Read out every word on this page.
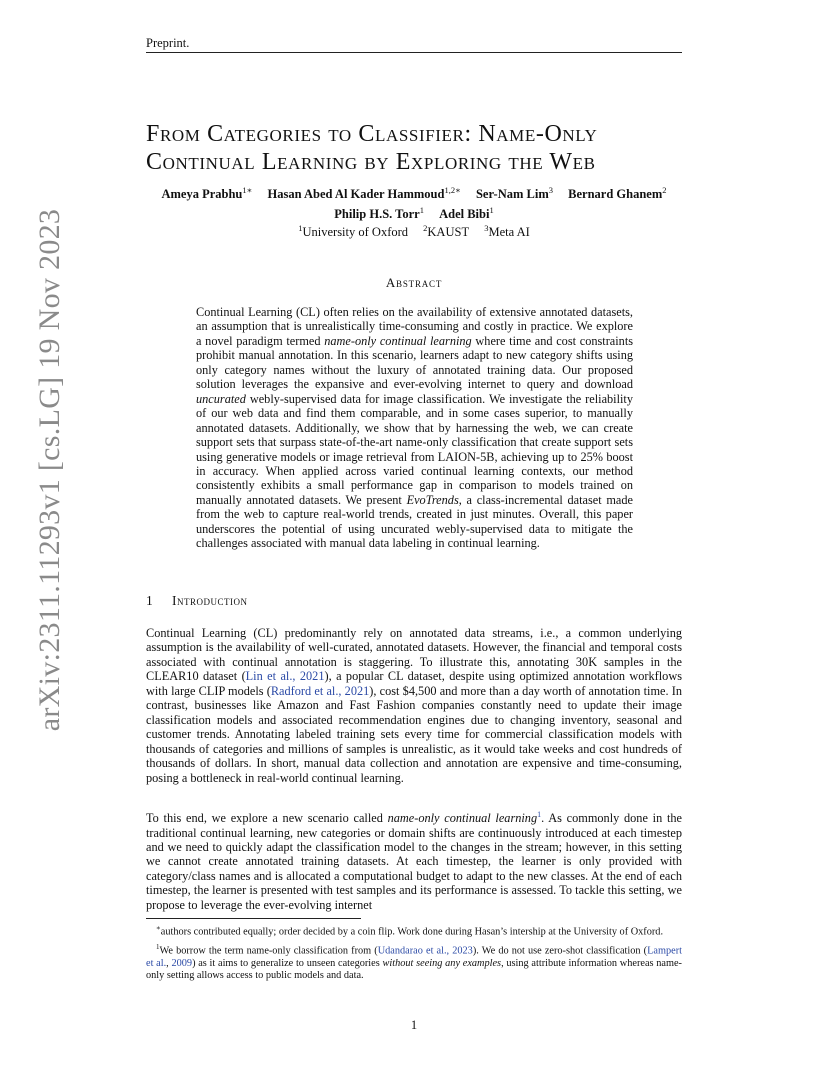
Preprint.
arXiv:2311.11293v1 [cs.LG] 19 Nov 2023
From Categories to Classifier: Name-Only
Continual Learning by Exploring the Web
Ameya Prabhu$^{1∗}$ Hasan Abed Al Kader Hammoud$^{1,2∗}$ Ser-Nam Lim$^3$ Bernard Ghanem$^2$
Philip H.S. Torr$^1$ Adel Bibi$^1$
$^1$University of Oxford $^2$KAUST $^3$Meta AI
Abstract
Continual Learning (CL) often relies on the availability of extensive annotated datasets, an assumption that is unrealistically time-consuming and costly in practice. We explore a novel paradigm termed name-only continual learning where time and cost constraints prohibit manual annotation. In this scenario, learners adapt to new category shifts using only category names without the luxury of annotated training data. Our proposed solution leverages the expansive and ever-evolving internet to query and download uncurated webly-supervised data for image classification. We investigate the reliability of our web data and find them comparable, and in some cases superior, to manually annotated datasets. Additionally, we show that by harnessing the web, we can create support sets that surpass state-of-the-art name-only classification that create support sets using generative models or image retrieval from LAION-5B, achieving up to 25% boost in accuracy. When applied across varied continual learning contexts, our method consistently exhibits a small performance gap in comparison to models trained on manually annotated datasets. We present EvoTrends, a class-incremental dataset made from the web to capture real-world trends, created in just minutes. Overall, this paper underscores the potential of using uncurated webly-supervised data to mitigate the challenges associated with manual data labeling in continual learning.
1 Introduction
Continual Learning (CL) predominantly rely on annotated data streams, i.e., a common underlying assumption is the availability of well-curated, annotated datasets. However, the financial and temporal costs associated with continual annotation is staggering. To illustrate this, annotating 30K samples in the CLEAR10 dataset (Lin et al., 2021), a popular CL dataset, despite using optimized annotation workflows with large CLIP models (Radford et al., 2021), cost $4,500 and more than a day worth of annotation time. In contrast, businesses like Amazon and Fast Fashion companies constantly need to update their image classification models and associated recommendation engines due to changing inventory, seasonal and customer trends. Annotating labeled training sets every time for commercial classification models with thousands of categories and millions of samples is unrealistic, as it would take weeks and cost hundreds of thousands of dollars. In short, manual data collection and annotation are expensive and time-consuming, posing a bottleneck in real-world continual learning.
To this end, we explore a new scenario called name-only continual learning$^1$. As commonly done in the traditional continual learning, new categories or domain shifts are continuously introduced at each timestep and we need to quickly adapt the classification model to the changes in the stream; however, in this setting we cannot create annotated training datasets. At each timestep, the learner is only provided with category/class names and is allocated a computational budget to adapt to the new classes. At the end of each timestep, the learner is presented with test samples and its performance is assessed. To tackle this setting, we propose to leverage the ever-evolving internet
∗authors contributed equally; order decided by a coin flip. Work done during Hasan’s intership at the University of Oxford.
$^1$We borrow the term name-only classification from (Udandarao et al., 2023). We do not use zero-shot classification (Lampert et al., 2009) as it aims to generalize to unseen categories without seeing any examples, using attribute information whereas name-only setting allows access to public models and data.
1
